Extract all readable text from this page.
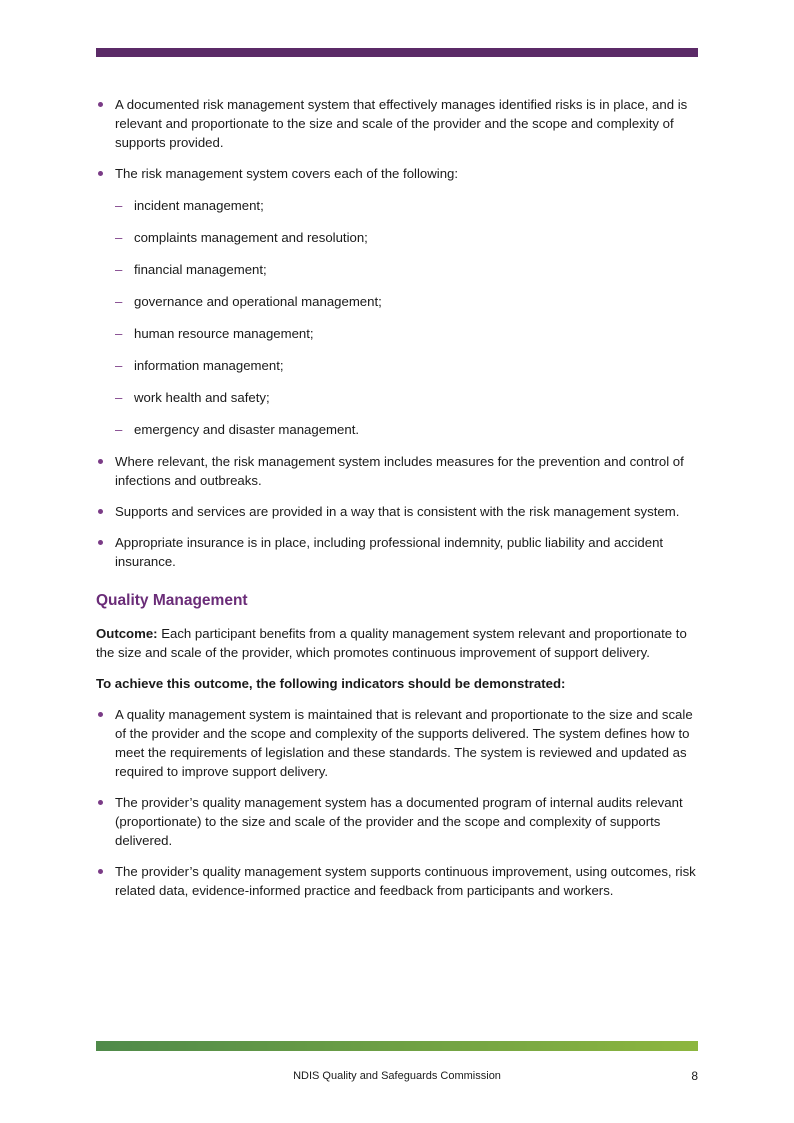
A documented risk management system that effectively manages identified risks is in place, and is relevant and proportionate to the size and scale of the provider and the scope and complexity of supports provided.
The risk management system covers each of the following:
– incident management;
– complaints management and resolution;
– financial management;
– governance and operational management;
– human resource management;
– information management;
– work health and safety;
– emergency and disaster management.
Where relevant, the risk management system includes measures for the prevention and control of infections and outbreaks.
Supports and services are provided in a way that is consistent with the risk management system.
Appropriate insurance is in place, including professional indemnity, public liability and accident insurance.
Quality Management
Outcome: Each participant benefits from a quality management system relevant and proportionate to the size and scale of the provider, which promotes continuous improvement of support delivery.
To achieve this outcome, the following indicators should be demonstrated:
A quality management system is maintained that is relevant and proportionate to the size and scale of the provider and the scope and complexity of the supports delivered. The system defines how to meet the requirements of legislation and these standards. The system is reviewed and updated as required to improve support delivery.
The provider’s quality management system has a documented program of internal audits relevant (proportionate) to the size and scale of the provider and the scope and complexity of supports delivered.
The provider’s quality management system supports continuous improvement, using outcomes, risk related data, evidence-informed practice and feedback from participants and workers.
NDIS Quality and Safeguards Commission	8
